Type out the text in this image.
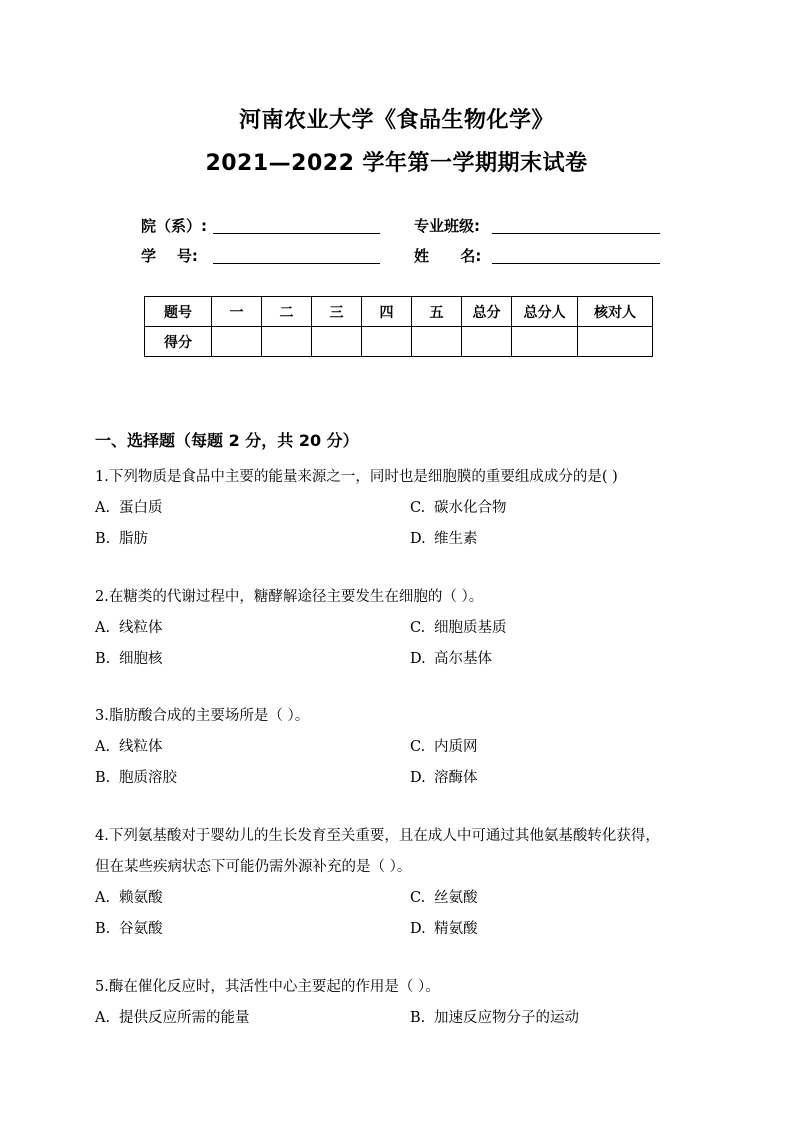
河南农业大学《食品生物化学》
2021—2022 学年第一学期期末试卷
院（系）:	专业班级:
学    号:	姓      名:
题号	一	二	三	四	五	总分	总分人	核对人
得分								
一、选择题（每题 2 分，共 20 分）
1.下列物质是食品中主要的能量来源之一，同时也是细胞膜的重要组成成分的是( )
A. 蛋白质	C. 碳水化合物
B. 脂肪	D. 维生素
2.在糖类的代谢过程中，糖酵解途径主要发生在细胞的（ ）。
A. 线粒体	C. 细胞质基质
B. 细胞核	D. 高尔基体
3.脂肪酸合成的主要场所是（ ）。
A. 线粒体	C. 内质网
B. 胞质溶胶	D. 溶酶体
4.下列氨基酸对于婴幼儿的生长发育至关重要，且在成人中可通过其他氨基酸转化获得，
但在某些疾病状态下可能仍需外源补充的是（ ）。
A. 赖氨酸	C. 丝氨酸
B. 谷氨酸	D. 精氨酸
5.酶在催化反应时，其活性中心主要起的作用是（ ）。
A. 提供反应所需的能量	B. 加速反应物分子的运动
